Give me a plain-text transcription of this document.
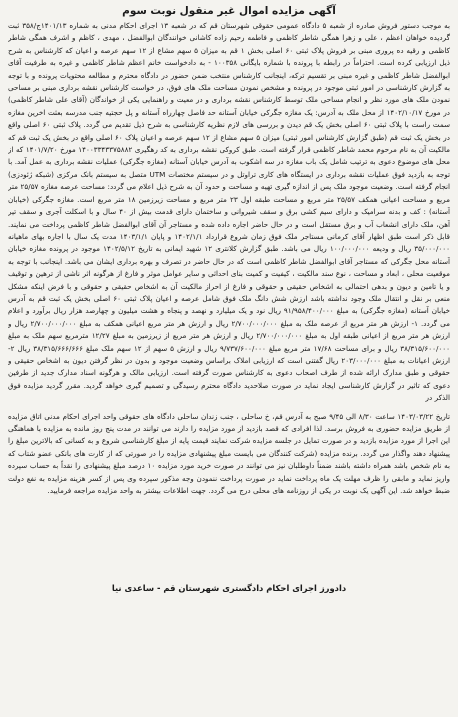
آگهی مزایده اموال غیر منقول نوبت سوم

به موجب دستور فروش صادره از شعبه ۵ دادگاه عمومی حقوقی شهرستان قم که در شعبه ۱۳ اجرای احکام مدنی به شماره ۱۴۰۱/۱۳ج/۳۵۸ ثبت گردیده خواهان اعظم ، علی و زهرا همگی شاطر کاظمی و فاطمه رحیم زاده کاشانی خوانندگان ابوالفضل ، مهدی ، کاظم و اشرف همگی شاطر کاظمی و رقیه ده پروری مبنی بر فروش پلاک ثبتی ۶۰ اصلی بخش ۱ قم به میزان ۵ سهم مشاع از ۱۲ سهم عرصه و اعیان که کارشناس به شرح ذیل ارزیابی کرده است. احتراماً در رابطه با پرونده با شماره بایگانی ۱۰۰۳۵۸ - به دادخواست خانم اعظم شاطر کاظمی و غیره به طرفیت آقای ابوالفضل شاطر کاظمی و غیره مبنی بر تقسیم ترکه، اینجانب کارشناس منتخب ضمن حضور در دادگاه محترم و مطالعه محتویات پرونده و با توجه به گزارش کارشناسی در امور ثبتی موجود در پرونده و مشخص نمودن مساحت ملک های فوق، در خواست کارشناس نقشه برداری مبنی بر مساحی نمودن ملک های مورد نظر و انجام مساحی ملک توسط کارشناس نقشه برداری و در معیت و راهنمایی یکی از خواندگان (آقای علی شاطر کاظمی) در مورخ ۱۴۰۲/۱۰/۱۷ از محل ملک به آدرس: یک مغازه جگرکی خیابان آستانه حد فاصل چهارراه آستانه و پل حجتیه جنب مدرسه بعثت اخرین مغازه سمت راست با پلاک ثبتی ۶۰ اصلی بخش یک قم دیدن و بررسی های لازم نظریه کارشناسی به شرح ذیل تقدیم می گردد. پلاک ثبتی ۶۰ اصلی واقع در بخش یک ثبت قم (طبق گزارش کارشناس امور ثبتی) میزان ۵ سهم مشاع از ۱۲ سهم عرصه و اعیان پلاک ۶۰ اصلی واقع در بخش یک ثبت قم که مالکیت آن به نام مرحوم محمد شاطر کاظمی قرار گرفته است. طبق کروکی نقشه برداری به کد رهگیری ۱۴۰۰۳۳۴۳۳۷۵۸۸۲ مورخ ۱۴۰۱/۷/۲۰ که از محل های موضوع دعوی به ترتیب شامل یک باب مغازه در سه اشکوب به آدرس خیابان آستانه (مغازه جگرکی) عملیات نقشه برداری به عمل آمد. با توجه به بازدید فوق عملیات نقشه برداری در ایستگاه های کاری تراوتل و در سیستم مختصات UTM متصل به سیستم بانک مرکزی (شبکه ژئودزی) انجام گرفته است. وضعیت موجود ملک پس از اندازه گیری تهیه و مساحت و حدود آن به شرح ذیل اعلام می گردد: مساحت عرصه مغازه ۲۵/۵۷ متر مربع و مساحت اعیانی همکف ۲۵/۵۷ متر مربع و مساحت طبقه اول ۲۳ متر مربع و مساحت زیرزمین ۱۸ متر مربع است. مغازه جگرکی (خیابان آستانه) : کف و بدنه سرامیک و دارای سیم کشی برق و سقف شیروانی و ساختمان دارای قدمت بیش از ۴۰ سال و با اسکلت آجری و سقف تیر آهن، ملک دارای انشعاب آب و برق مستقل است و در حال حاضر اجاره داده شده و مستاجر آن آقای ابوالفضل شاطر کاظمی پرداخت می نمایند. قابل ذکر است طبق اظهار آقای کرمانی مستاجر ملک فوق زمان شروع قرارداد ۱۴۰۲/۱/۱ و پایان ۱۴۰۳/۱/۱ مدت یک سال با اجاره بهای ماهیانه ۳۵/۰۰۰/۰۰۰ ریال و ودیعه ۱۰۰/۰۰۰/۰۰۰ ریال می باشد. طبق گزارش کلانتری ۱۲ شهید ایمانی به تاریخ ۱۴۰۲/۵/۱۲ موجود در پرونده مغازه خیابان آستانه محل جگرکی که مستاجر آقای ابوالفضل شاطر کاظمی است که در حال حاضر در تصرف و بهره برداری ایشان می باشد. اینجانب با توجه به موقعیت محلی ، ابعاد و مساحت ، نوع سند مالکیت ، کیفیت و کمیت بنای احداثی و سایر عوامل موثر و فارغ از هرگونه اثر ناشی از ترهین و توقیف و یا تامین و دیون و بدهی احتمالی به اشخاص حقیقی و حقوقی و فارغ از احراز مالکیت آن به اشخاص حقیقی و حقوقی و با فرض اینکه مشکل منعی بر نقل و انتقال ملک وجود نداشته باشد ارزش شش دانگ ملک فوق شامل عرصه و اعیان پلاک ثبتی ۶۰ اصلی بخش یک ثبت قم به آدرس خیابان آستانه (مغازه جگرکی) به مبلغ ۹۱/۹۵۸/۴۰۰/۰۰۰ ریال نود و یک میلیارد و نهصد و پنجاه و هشت میلیون و چهارصد هزار ریال برآورد و اعلام می گردد. ۱- ارزش هر متر مربع از عرصه ملک به مبلغ ۲/۷۰۰/۰۰۰/۰۰۰ ریال و ارزش هر متر مربع اعیانی همکف به مبلغ ۲/۷۰۰/۰۰۰/۰۰۰ ریال و ارزش هر متر مربع از اعیانی طبقه اول به مبلغ ۲/۷۰۰/۰۰۰/۰۰۰ ریال و ارزش هر متر مربع از زیرزمین به مبلغ ۱۲/۲۷ مترمربع سهم ملک به مبلغ ۳۸/۳۱۵/۶۰۰/۰۰۰ ریال و برای مساحت ۱۷/۶۸ متر مربع مبلغ ۹/۷۳۷/۶۰۰/۰۰۰ ریال و ارزش ۵ سهم از ۱۲ سهم ملک مبلغ ۳۸/۳۱۵/۶۶۶/۶۶۶ ریال ۲- ارزش اعیانات به مبلغ ۲۰۳/۰۰۰/۰۰۰ ریال گفتنی است که ارزیابی املاک براساس وضعیت موجود و بدون در نظر گرفتن دیون به اشخاص حقیقی و حقوقی و طبق مدارک ارائه شده از طرف اصحاب دعوی به کارشناس صورت گرفته است. ارزیابی مالک و هرگونه اسناد مدارک جدید از طرفین دعوی که تاثیر در گزارش کارشناسی ایجاد نماید در صورت صلاحدید دادگاه محترم رسیدگی و تصمیم گیری خواهد گردید. مقرر گردید مزایده فوق الذکر در

تاریخ ۱۴۰۳/۰۳/۲۲ ساعت ۸/۳۰ الی ۹/۴۵ صبح به آدرس قم، خ ساحلی ، جنب زندان ساحلی دادگاه های حقوقی واحد اجرای احکام مدنی اتاق مزایده از طریق مزایده حضوری به فروش برسد. لذا افرادی که قصد بازدید از مورد مزایده را دارند می توانند در مدت پنج روز مانده به مزایده با هماهنگی این اجرا از مورد مزایده بازدید و در صورت تمایل در جلسه مزایده شرکت نمایند قیمت پایه از مبلغ کارشناسی شروع و به کسانی که بالاترین مبلغ را پیشنهاد دهند واگذار می گردد. برنده مزایده (شرکت کنندگان می بایست مبلغ پیشنهادی مزایده را در صورتی که از کارت های بانکی عضو شتاب که به نام شخص باشد همراه داشته باشند ضمناً داوطلبان نیز می توانند در صورت خرید مورد مزایده ۱۰ درصد مبلغ پیشنهادی را نقداً به حساب سپرده واریز نماید و مابقی را ظرف مهلت یک ماه پرداخت نماید در صورت پرداخت ننمودن وجه مذکور سپرده وی پس از کسر هزینه مزایده به نفع دولت ضبط خواهد شد. این آگهی یک نوبت در یکی از روزنامه های محلی درج می گردد. جهت اطلاعات بیشتر به واحد مزایده مراجعه فرمایید.

دادورز اجرای احکام دادگستری شهرستان قم - ساعدی نیا
